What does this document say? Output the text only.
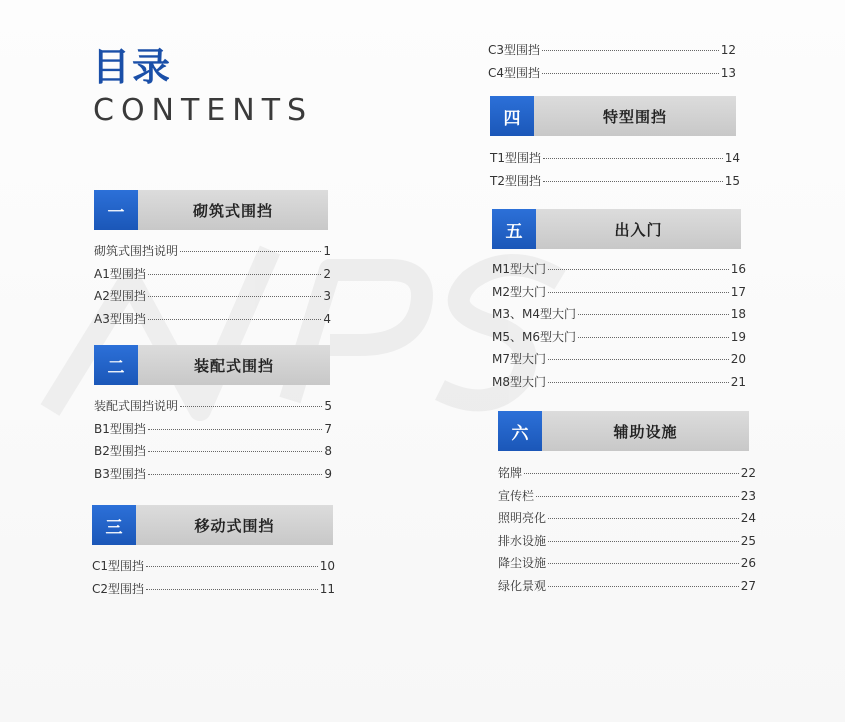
目录
CONTENTS
一	砌筑式围挡
砌筑式围挡说明	1
A1型围挡	2
A2型围挡	3
A3型围挡	4
二	装配式围挡
装配式围挡说明	5
B1型围挡	7
B2型围挡	8
B3型围挡	9
三	移动式围挡
C1型围挡	10
C2型围挡	11
C3型围挡	12
C4型围挡	13
四	特型围挡
T1型围挡	14
T2型围挡	15
五	出入门
M1型大门	16
M2型大门	17
M3、M4型大门	18
M5、M6型大门	19
M7型大门	20
M8型大门	21
六	辅助设施
铭牌	22
宣传栏	23
照明亮化	24
排水设施	25
降尘设施	26
绿化景观	27
